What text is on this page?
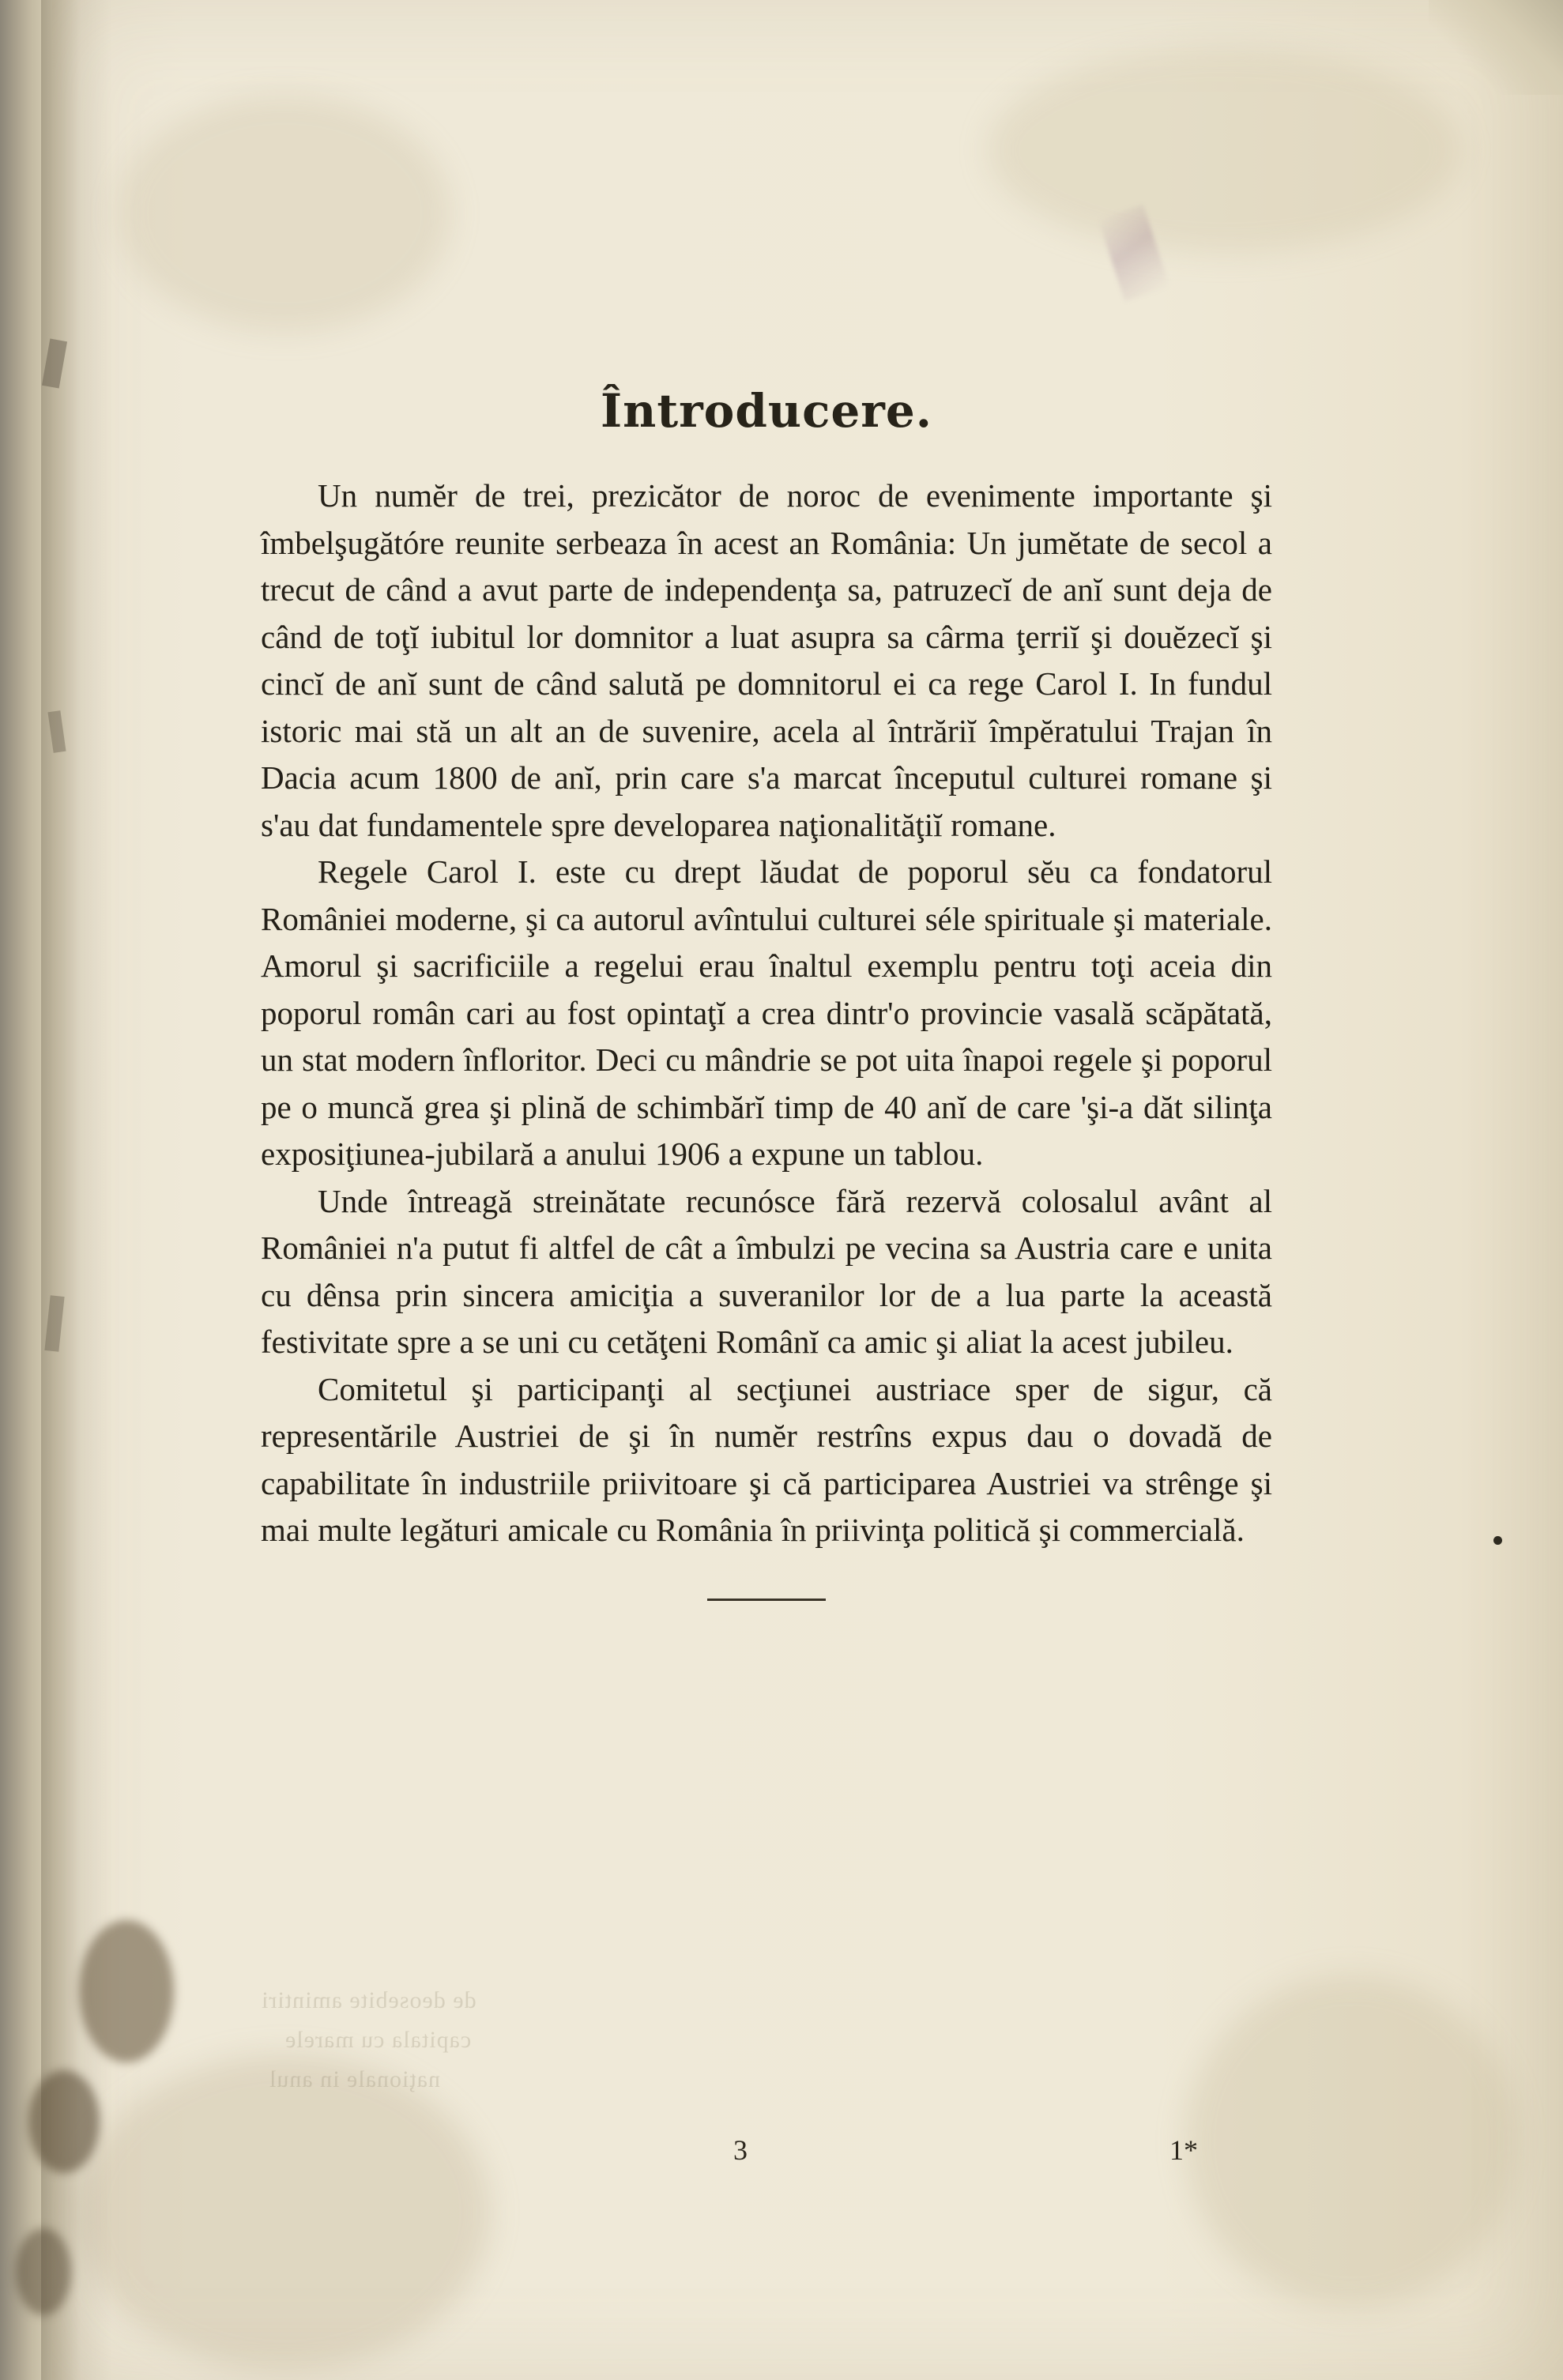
de deosebite amintiri
capitala cu marele
naţionale in anul
Întroducere.

Un numĕr de trei, prezicător de noroc de evenimente importante şi îmbelşugătóre reunite serbeaza în acest an România: Un jumĕtate de secol a trecut de când a avut parte de independenţa sa, patruzecĭ de anĭ sunt deja de când de toţĭ iubitul lor domnitor a luat asupra sa cârma ţerriĭ şi douĕzecĭ şi cincĭ de anĭ sunt de când salută pe domnitorul ei ca rege Carol I. In fundul istoric mai stă un alt an de suvenire, acela al întrăriĭ împĕratului Trajan în Dacia acum 1800 de anĭ, prin care s'a marcat începutul culturei romane şi s'au dat fundamentele spre developarea naţionalităţiĭ romane.

Regele Carol I. este cu drept lăudat de poporul sĕu ca fondatorul României moderne, şi ca autorul avîntului culturei séle spirituale şi materiale. Amorul şi sacrificiile a regelui erau înaltul exemplu pentru toţi aceia din poporul român cari au fost opintaţĭ a crea dintr'o provincie vasală scăpătată, un stat modern înfloritor. Deci cu mândrie se pot uita înapoi regele şi poporul pe o muncă grea şi plină de schimbărĭ timp de 40 anĭ de care 'şi-a dăt silinţa exposiţiunea-jubilară a anului 1906 a expune un tablou.

Unde întreagă streinătate recunósce fără rezervă colosalul avânt al României n'a putut fi altfel de cât a îmbulzi pe vecina sa Austria care e unita cu dênsa prin sincera amiciţia a suveranilor lor de a lua parte la această festivitate spre a se uni cu cetăţeni Românĭ ca amic şi aliat la acest jubileu.

Comitetul şi participanţi al secţiunei austriace sper de sigur, că representările Austriei de şi în numĕr restrîns expus dau o dovadă de capabilitate în industriile priivitoare şi că participarea Austriei va strênge şi mai multe legături amicale cu România în priivinţa politică şi commercială.

3	1*
